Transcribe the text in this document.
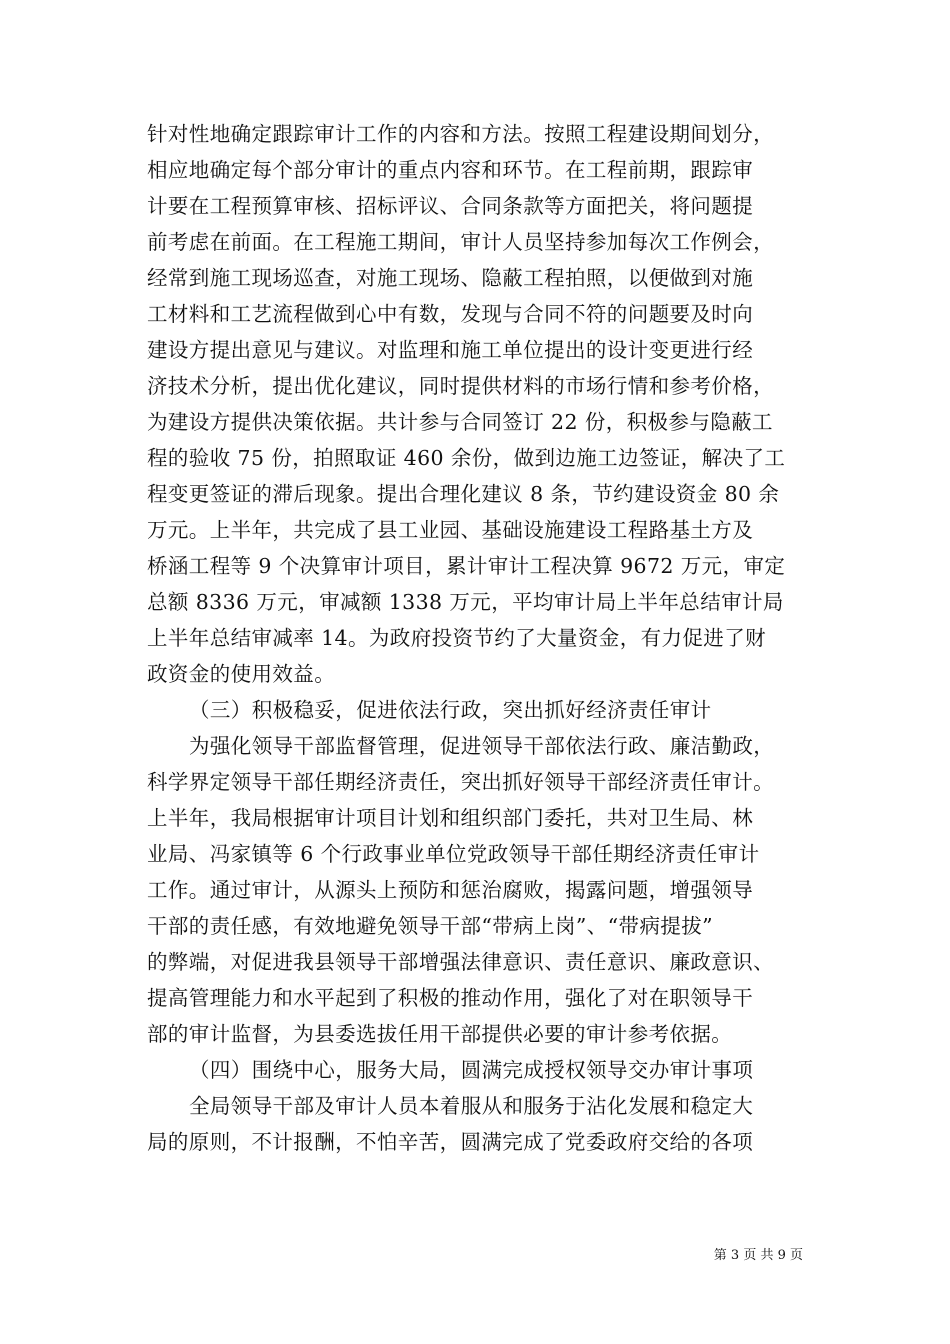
针对性地确定跟踪审计工作的内容和方法。按照工程建设期间划分，
相应地确定每个部分审计的重点内容和环节。在工程前期，跟踪审
计要在工程预算审核、招标评议、合同条款等方面把关，将问题提
前考虑在前面。在工程施工期间，审计人员坚持参加每次工作例会，
经常到施工现场巡查，对施工现场、隐蔽工程拍照，以便做到对施
工材料和工艺流程做到心中有数，发现与合同不符的问题要及时向
建设方提出意见与建议。对监理和施工单位提出的设计变更进行经
济技术分析，提出优化建议，同时提供材料的市场行情和参考价格，
为建设方提供决策依据。共计参与合同签订 22 份，积极参与隐蔽工
程的验收 75 份，拍照取证 460 余份，做到边施工边签证，解决了工
程变更签证的滞后现象。提出合理化建议 8 条，节约建设资金 80 余
万元。上半年，共完成了县工业园、基础设施建设工程路基土方及
桥涵工程等 9 个决算审计项目，累计审计工程决算 9672 万元，审定
总额 8336 万元，审减额 1338 万元，平均审计局上半年总结审计局
上半年总结审减率 14。为政府投资节约了大量资金，有力促进了财
政资金的使用效益。
（三）积极稳妥，促进依法行政，突出抓好经济责任审计
为强化领导干部监督管理，促进领导干部依法行政、廉洁勤政，
科学界定领导干部任期经济责任，突出抓好领导干部经济责任审计。
上半年，我局根据审计项目计划和组织部门委托，共对卫生局、林
业局、冯家镇等 6 个行政事业单位党政领导干部任期经济责任审计
工作。通过审计，从源头上预防和惩治腐败，揭露问题，增强领导
干部的责任感，有效地避免领导干部“带病上岗”、“带病提拔”
的弊端，对促进我县领导干部增强法律意识、责任意识、廉政意识、
提高管理能力和水平起到了积极的推动作用，强化了对在职领导干
部的审计监督，为县委选拔任用干部提供必要的审计参考依据。
（四）围绕中心，服务大局，圆满完成授权领导交办审计事项
全局领导干部及审计人员本着服从和服务于沾化发展和稳定大
局的原则，不计报酬，不怕辛苦，圆满完成了党委政府交给的各项
第 3 页 共 9 页
